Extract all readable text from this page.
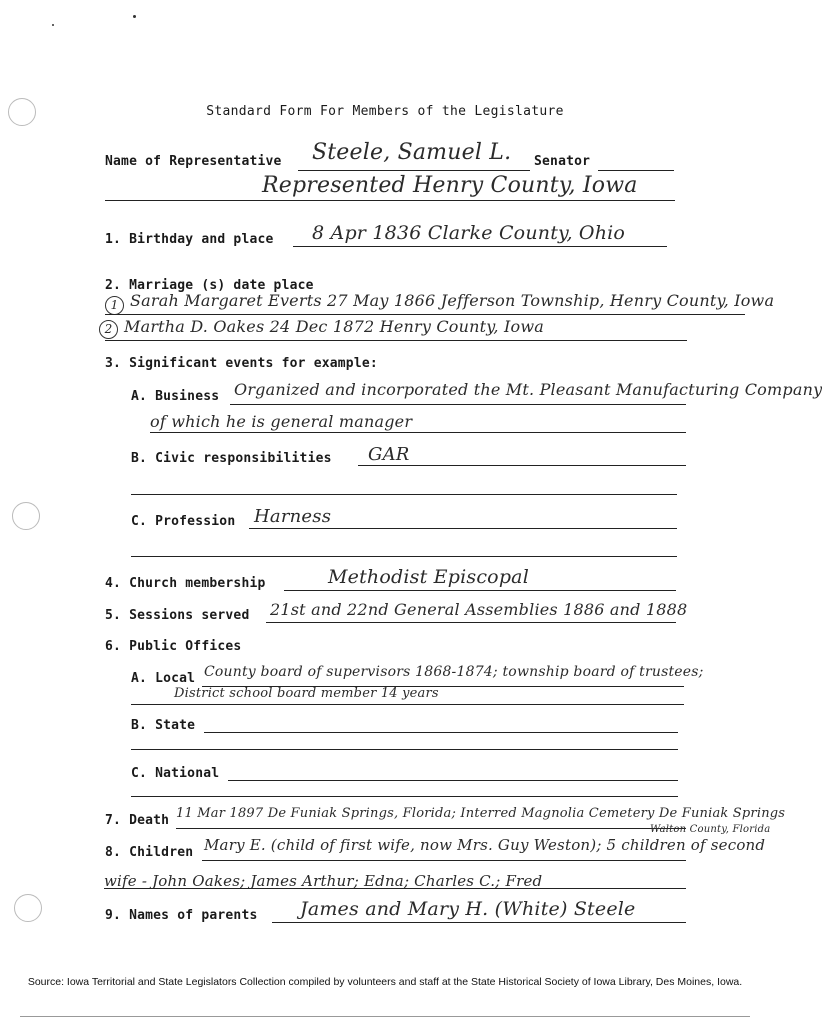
Standard Form For Members of the Legislature
Name of Representative Steele, Samuel L. Senator
Represented Henry County, Iowa
1. Birthday and place 8 Apr 1836 Clarke County, Ohio
2. Marriage (s) date place
1 Sarah Margaret Everts 27 May 1866 Jefferson Township, Henry County, Iowa
2 Martha D. Oakes 24 Dec 1872 Henry County, Iowa
3. Significant events for example:
A. Business Organized and incorporated the Mt. Pleasant Manufacturing Company
of which he is general manager
B. Civic responsibilities GAR
C. Profession Harness
4. Church membership	Methodist Episcopal
5. Sessions served 21st and 22nd General Assemblies 1886 and 1888
6. Public Offices
A. Local County board of supervisors 1868-1874; township board of trustees;
District school board member 14 years
B. State
C. National
7. Death 11 Mar 1897 De Funiak Springs, Florida; Interred Magnolia Cemetery De Funiak Springs
Walton County, Florida
8. Children Mary E. (child of first wife, now Mrs. Guy Weston); 5 children of second
wife - John Oakes; James Arthur; Edna; Charles C.; Fred
9. Names of parents James and Mary H. (White) Steele
Source: Iowa Territorial and State Legislators Collection compiled by volunteers and staff at the State Historical Society of Iowa Library, Des Moines, Iowa.
